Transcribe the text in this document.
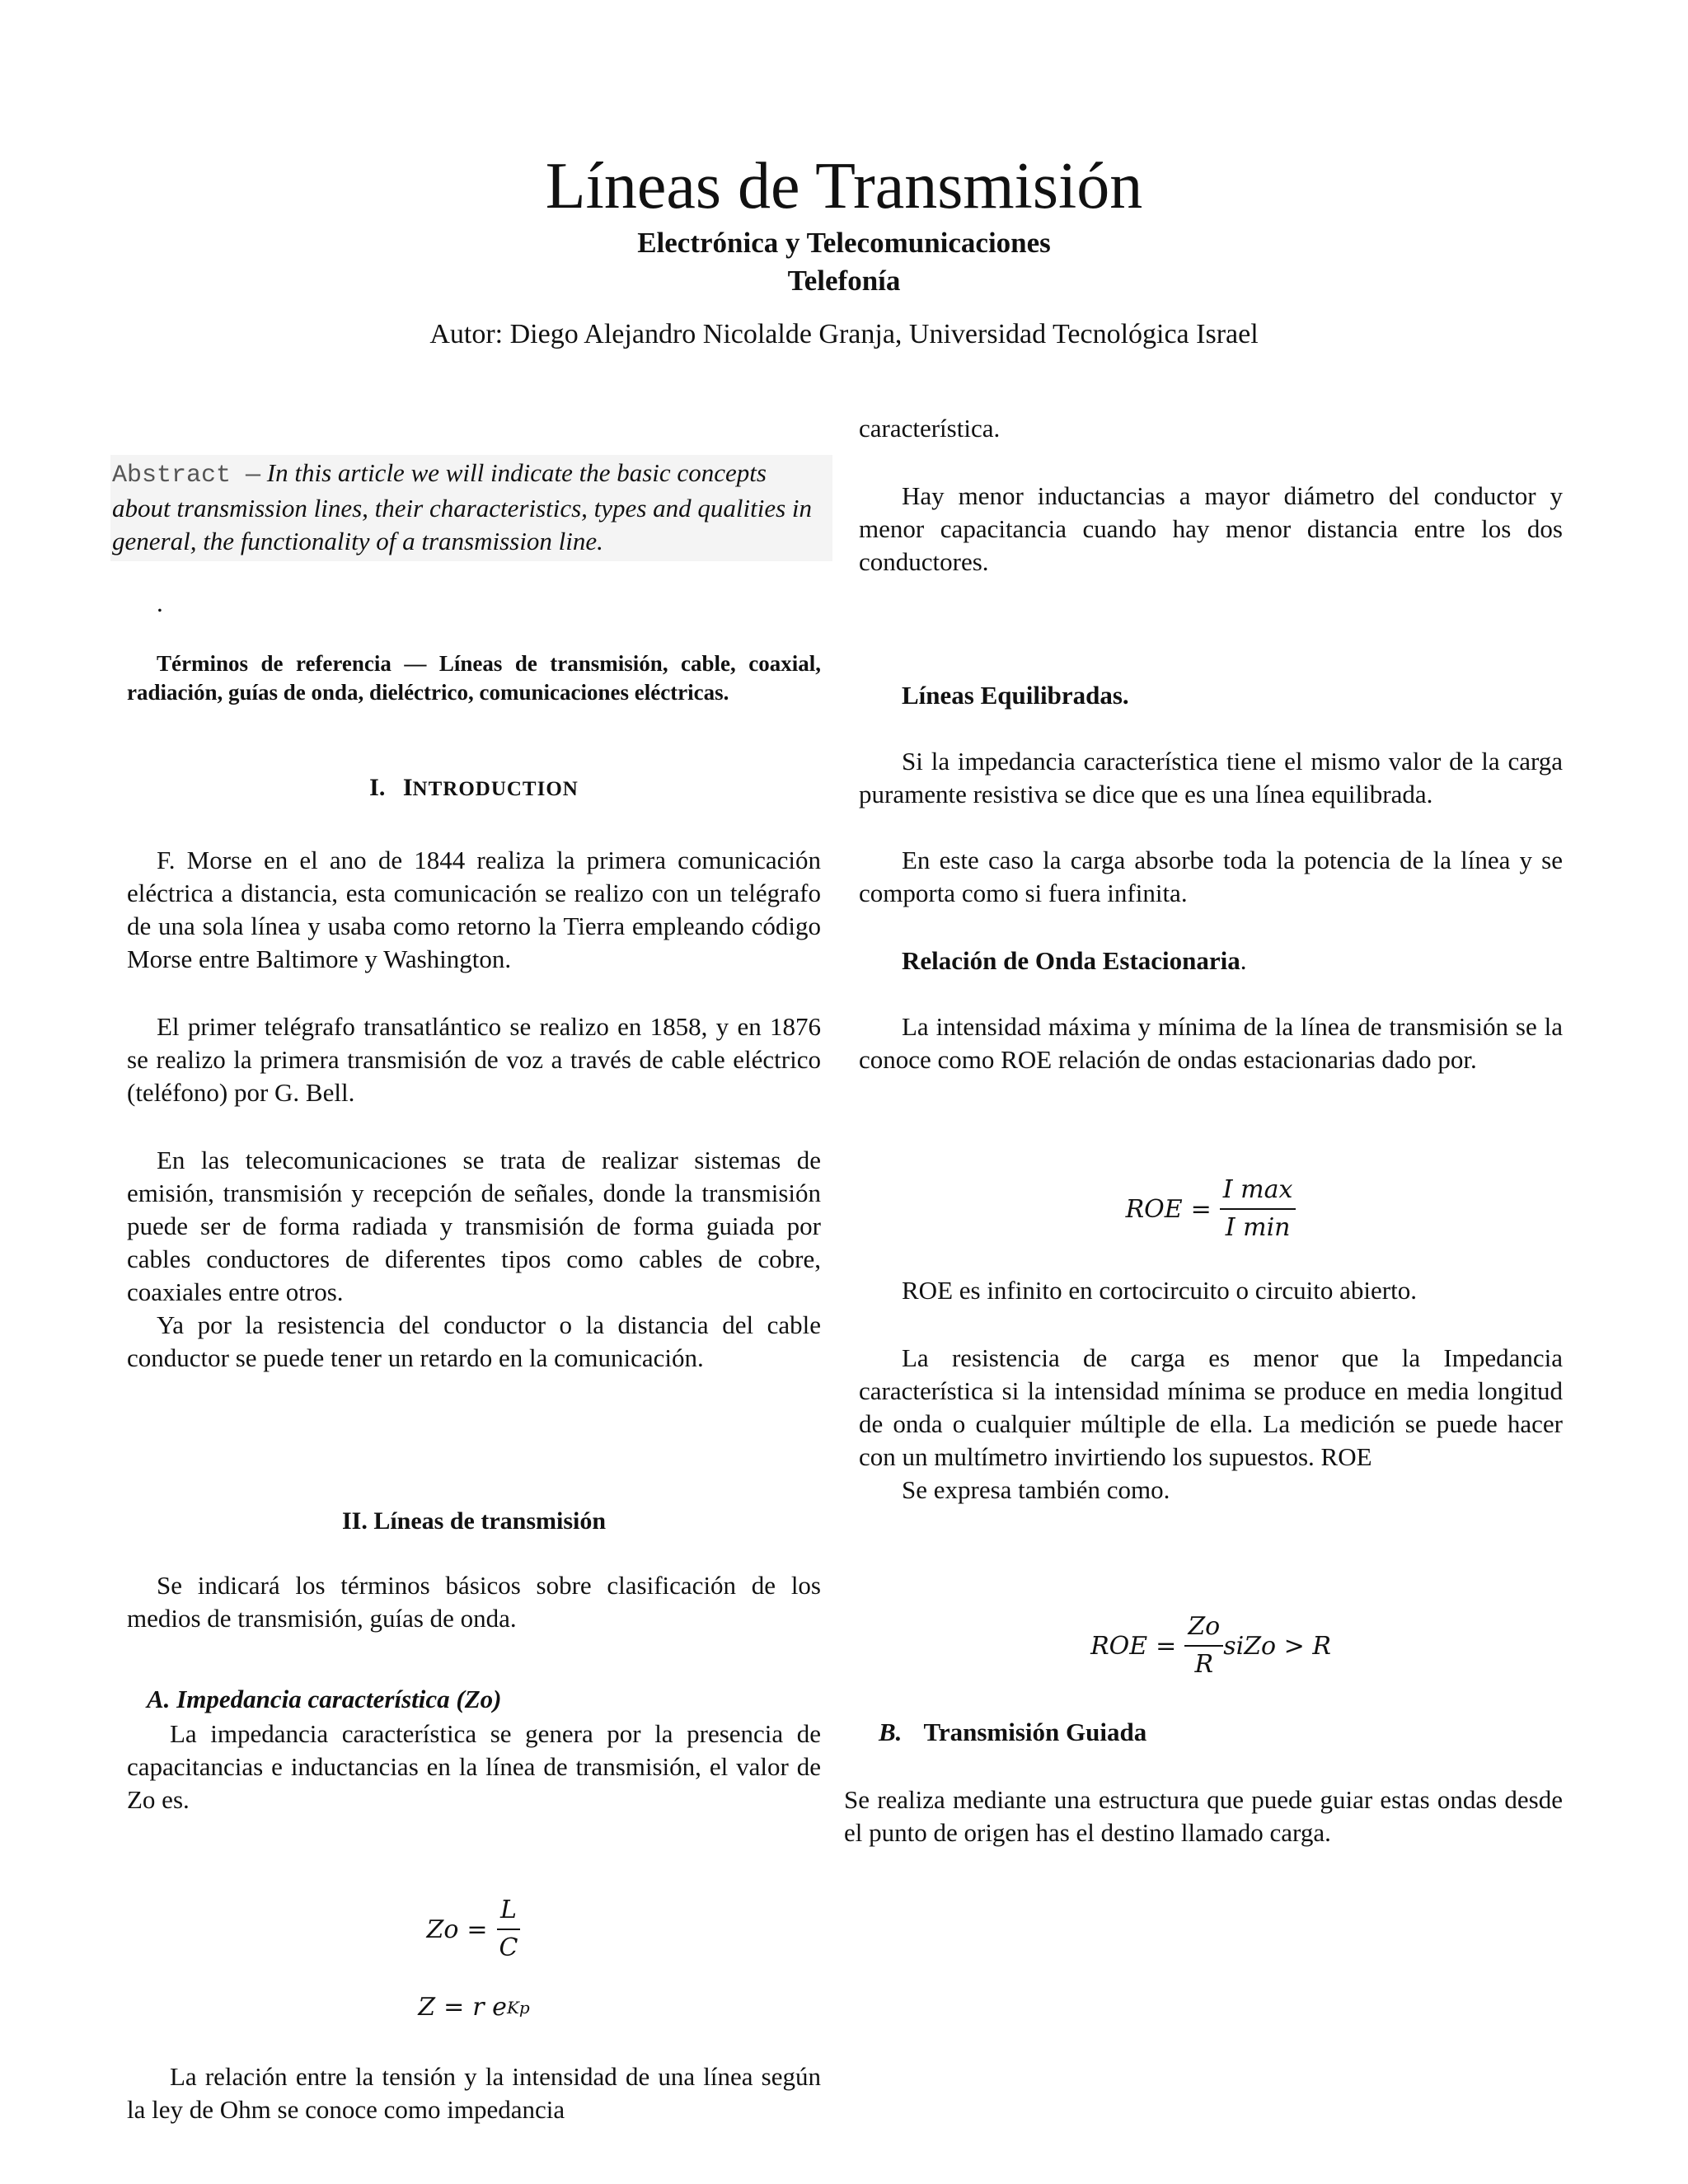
Líneas de Transmisión
Electrónica y Telecomunicaciones
Telefonía
Autor: Diego Alejandro Nicolalde Granja, Universidad Tecnológica Israel
Abstract — In this article we will indicate the basic concepts about transmission lines, their characteristics, types and qualities in general, the functionality of a transmission line.
.
Términos de referencia — Líneas de transmisión, cable, coaxial, radiación, guías de onda, dieléctrico, comunicaciones eléctricas.
I. INTRODUCTION
F. Morse en el ano de 1844 realiza la primera comunicación eléctrica a distancia, esta comunicación se realizo con un telégrafo de una sola línea y usaba como retorno la Tierra empleando código Morse entre Baltimore y Washington.
El primer telégrafo transatlántico se realizo en 1858, y en 1876 se realizo la primera transmisión de voz a través de cable eléctrico (teléfono) por G. Bell.
En las telecomunicaciones se trata de realizar sistemas de emisión, transmisión y recepción de señales, donde la transmisión puede ser de forma radiada y transmisión de forma guiada por cables conductores de diferentes tipos como cables de cobre, coaxiales entre otros.
Ya por la resistencia del conductor o la distancia del cable conductor se puede tener un retardo en la comunicación.
II. Líneas de transmisión
Se indicará los términos básicos sobre clasificación de los medios de transmisión, guías de onda.
A. Impedancia característica (Zo)
La impedancia característica se genera por la presencia de capacitancias e inductancias en la línea de transmisión, el valor de Zo es.
$Zo = \frac{L}{C}$
Z = r e Kp
La relación entre la tensión y la intensidad de una línea según la ley de Ohm se conoce como impedancia
característica.
Hay menor inductancias a mayor diámetro del conductor y menor capacitancia cuando hay menor distancia entre los dos conductores.
Líneas Equilibradas.
Si la impedancia característica tiene el mismo valor de la carga puramente resistiva se dice que es una línea equilibrada.
En este caso la carga absorbe toda la potencia de la línea y se comporta como si fuera infinita.
Relación de Onda Estacionaria.
La intensidad máxima y mínima de la línea de transmisión se la conoce como ROE relación de ondas estacionarias dado por.
ROE = $\frac{\text{I max}}{\text{I min}}$
ROE es infinito en cortocircuito o circuito abierto.
La resistencia de carga es menor que la Impedancia característica si la intensidad mínima se produce en media longitud de onda o cualquier múltiple de ella. La medición se puede hacer con un multímetro invirtiendo los supuestos. ROE
Se expresa también como.
ROE = $\frac{Zo}{R}$ siZo > R
B. Transmisión Guiada
Se realiza mediante una estructura que puede guiar estas ondas desde el punto de origen has el destino llamado carga.
